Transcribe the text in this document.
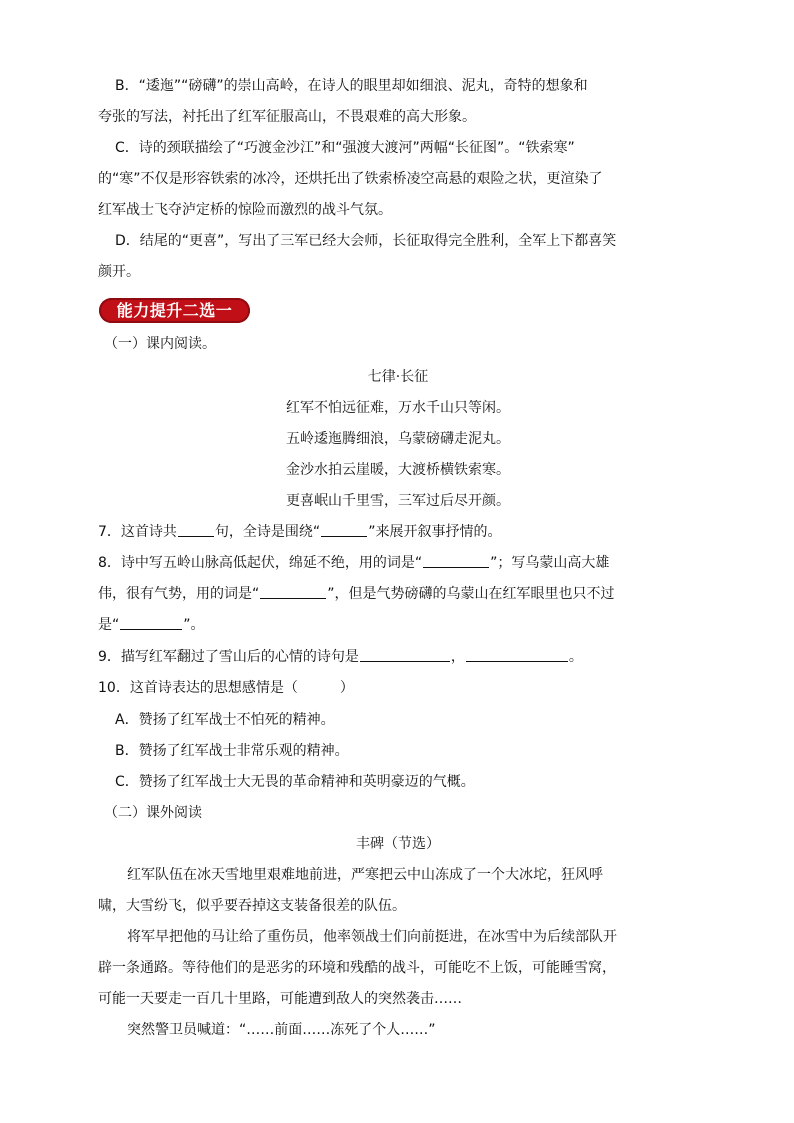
B．“逶迤”“磅礴”的崇山高岭，在诗人的眼里却如细浪、泥丸，奇特的想象和
夸张的写法，衬托出了红军征服高山，不畏艰难的高大形象。
C．诗的颈联描绘了“巧渡金沙江”和“强渡大渡河”两幅“长征图”。“铁索寒”
的“寒”不仅是形容铁索的冰冷，还烘托出了铁索桥凌空高悬的艰险之状，更渲染了
红军战士飞夺泸定桥的惊险而激烈的战斗气氛。
D．结尾的“更喜”，写出了三军已经大会师，长征取得完全胜利，全军上下都喜笑
颜开。
能力提升二选一
（一）课内阅读。
七律·长征
红军不怕远征难，万水千山只等闲。
五岭逶迤腾细浪，乌蒙磅礴走泥丸。
金沙水拍云崖暖，大渡桥横铁索寒。
更喜岷山千里雪，三军过后尽开颜。
7．这首诗共	句，全诗是围绕“	”来展开叙事抒情的。
8．诗中写五岭山脉高低起伏，绵延不绝，用的词是“	”；写乌蒙山高大雄
伟，很有气势，用的词是“	”，但是气势磅礴的乌蒙山在红军眼里也只不过
是“	”。
9．描写红军翻过了雪山后的心情的诗句是	，	。
10．这首诗表达的思想感情是（　　　）
A．赞扬了红军战士不怕死的精神。
B．赞扬了红军战士非常乐观的精神。
C．赞扬了红军战士大无畏的革命精神和英明豪迈的气概。
（二）课外阅读
丰碑（节选）
红军队伍在冰天雪地里艰难地前进，严寒把云中山冻成了一个大冰坨，狂风呼
啸，大雪纷飞，似乎要吞掉这支装备很差的队伍。
将军早把他的马让给了重伤员，他率领战士们向前挺进，在冰雪中为后续部队开
辟一条通路。等待他们的是恶劣的环境和残酷的战斗，可能吃不上饭，可能睡雪窝，
可能一天要走一百几十里路，可能遭到敌人的突然袭击……
突然警卫员喊道：“……前面……冻死了个人……”
